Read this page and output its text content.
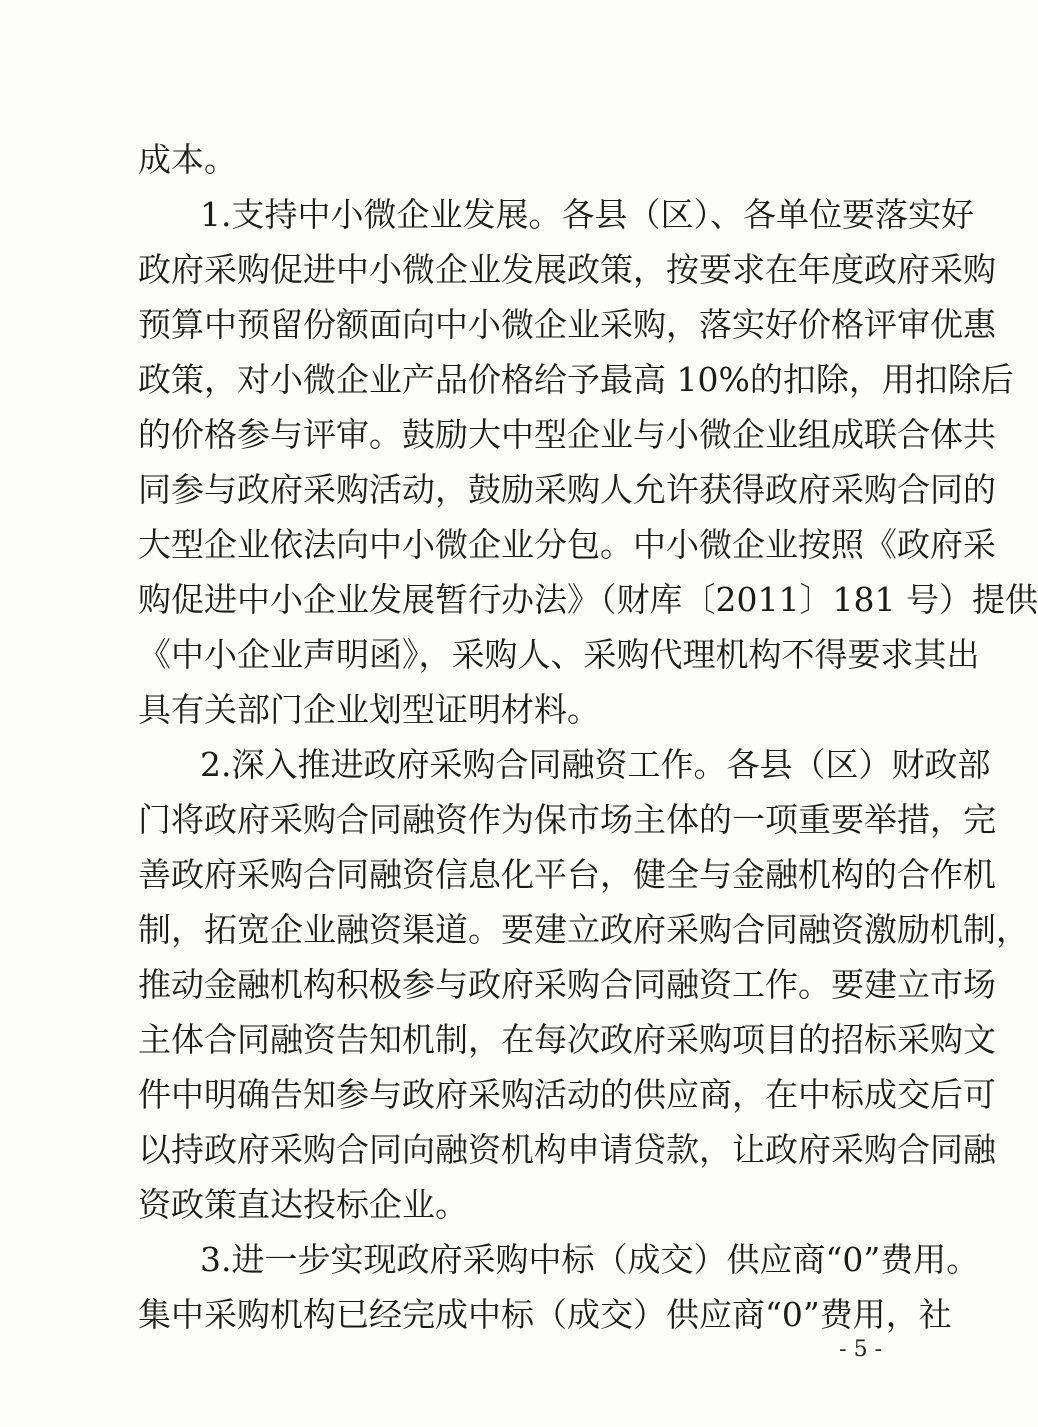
成本。
1.支持中小微企业发展。各县（区）、各单位要落实好
政府采购促进中小微企业发展政策，按要求在年度政府采购
预算中预留份额面向中小微企业采购，落实好价格评审优惠
政策，对小微企业产品价格给予最高 10%的扣除，用扣除后
的价格参与评审。鼓励大中型企业与小微企业组成联合体共
同参与政府采购活动，鼓励采购人允许获得政府采购合同的
大型企业依法向中小微企业分包。中小微企业按照《政府采
购促进中小企业发展暂行办法》（财库〔2011〕181 号）提供
《中小企业声明函》，采购人、采购代理机构不得要求其出
具有关部门企业划型证明材料。
2.深入推进政府采购合同融资工作。各县（区）财政部
门将政府采购合同融资作为保市场主体的一项重要举措，完
善政府采购合同融资信息化平台，健全与金融机构的合作机
制，拓宽企业融资渠道。要建立政府采购合同融资激励机制，
推动金融机构积极参与政府采购合同融资工作。要建立市场
主体合同融资告知机制，在每次政府采购项目的招标采购文
件中明确告知参与政府采购活动的供应商，在中标成交后可
以持政府采购合同向融资机构申请贷款，让政府采购合同融
资政策直达投标企业。
3.进一步实现政府采购中标（成交）供应商“0”费用。
集中采购机构已经完成中标（成交）供应商“0”费用，社
- 5 -
